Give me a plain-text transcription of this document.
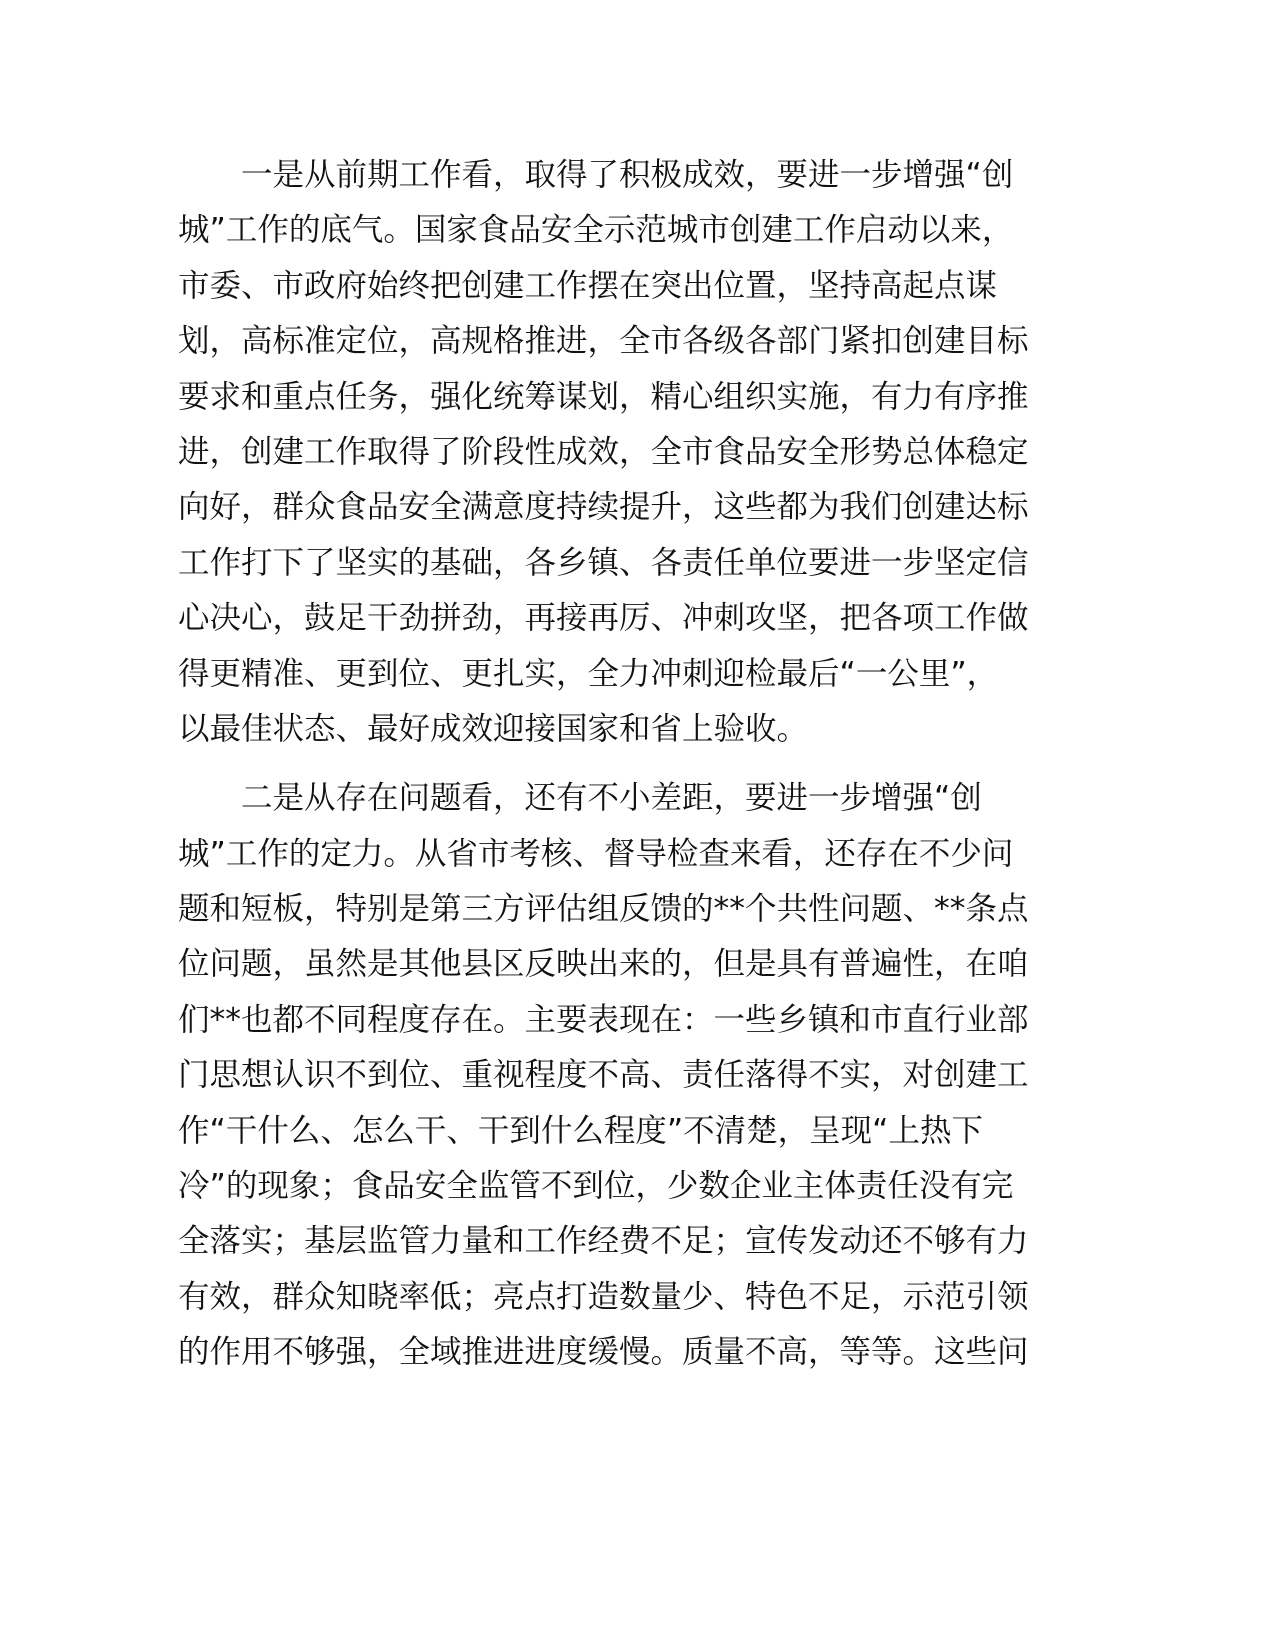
　　一是从前期工作看，取得了积极成效，要进一步增强“创
城”工作的底气。国家食品安全示范城市创建工作启动以来，
市委、市政府始终把创建工作摆在突出位置，坚持高起点谋
划，高标准定位，高规格推进，全市各级各部门紧扣创建目标
要求和重点任务，强化统筹谋划，精心组织实施，有力有序推
进，创建工作取得了阶段性成效，全市食品安全形势总体稳定
向好，群众食品安全满意度持续提升，这些都为我们创建达标
工作打下了坚实的基础，各乡镇、各责任单位要进一步坚定信
心决心，鼓足干劲拼劲，再接再厉、冲刺攻坚，把各项工作做
得更精准、更到位、更扎实，全力冲刺迎检最后“一公里”，
以最佳状态、最好成效迎接国家和省上验收。
　　二是从存在问题看，还有不小差距，要进一步增强“创
城”工作的定力。从省市考核、督导检查来看，还存在不少问
题和短板，特别是第三方评估组反馈的**个共性问题、**条点
位问题，虽然是其他县区反映出来的，但是具有普遍性，在咱
们**也都不同程度存在。主要表现在：一些乡镇和市直行业部
门思想认识不到位、重视程度不高、责任落得不实，对创建工
作“干什么、怎么干、干到什么程度”不清楚，呈现“上热下
冷”的现象；食品安全监管不到位，少数企业主体责任没有完
全落实；基层监管力量和工作经费不足；宣传发动还不够有力
有效，群众知晓率低；亮点打造数量少、特色不足，示范引领
的作用不够强，全域推进进度缓慢。质量不高，等等。这些问
